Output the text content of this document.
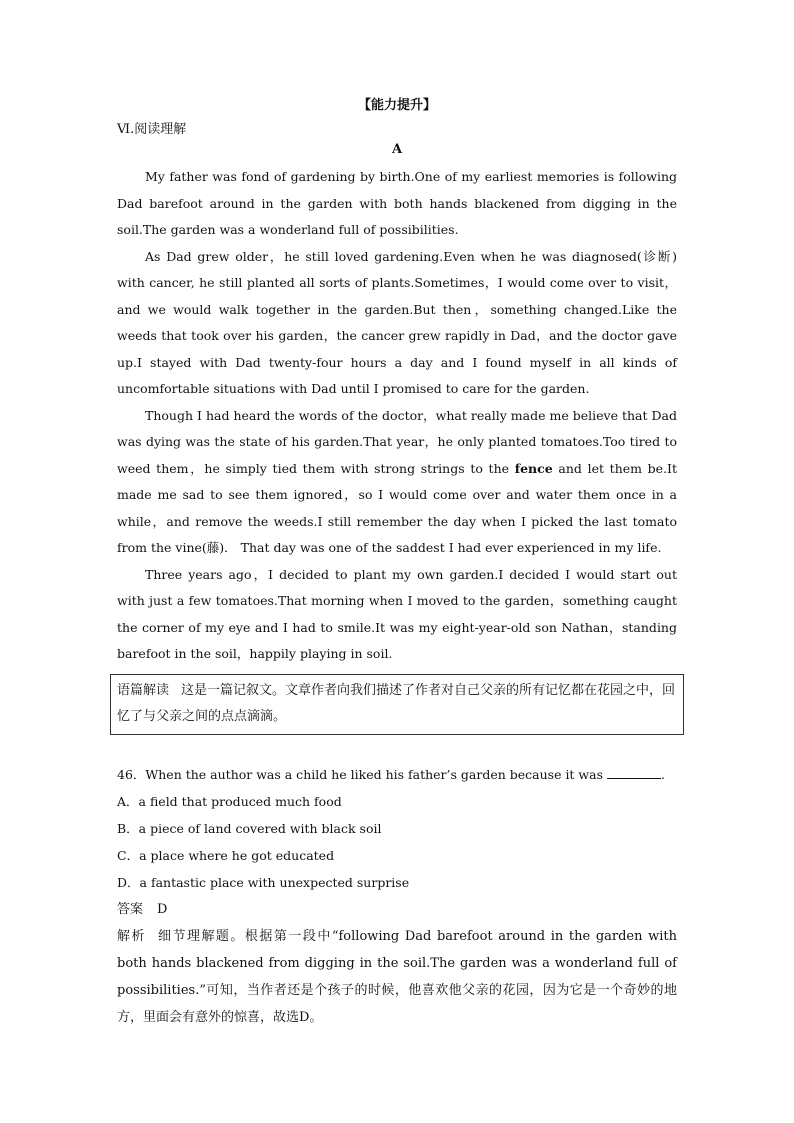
【能力提升】
Ⅵ.阅读理解
A

My father was fond of gardening by birth.One of my earliest memories is following Dad barefoot around in the garden with both hands blackened from digging in the soil.The garden was a wonderland full of possibilities.

As Dad grew older，he still loved gardening.Even when he was diagnosed(诊断) with cancer, he still planted all sorts of plants.Sometimes，I would come over to visit，and we would walk together in the garden.But then，something changed.Like the weeds that took over his garden，the cancer grew rapidly in Dad，and the doctor gave up.I stayed with Dad twenty-four hours a day and I found myself in all kinds of uncomfortable situations with Dad until I promised to care for the garden.

Though I had heard the words of the doctor，what really made me believe that Dad was dying was the state of his garden.That year，he only planted tomatoes.Too tired to weed them，he simply tied them with strong strings to the fence and let them be.It made me sad to see them ignored，so I would come over and water them once in a while，and remove the weeds.I still remember the day when I picked the last tomato from the vine(藤)． That day was one of the saddest I had ever experienced in my life.

Three years ago，I decided to plant my own garden.I decided I would start out with just a few tomatoes.That morning when I moved to the garden，something caught the corner of my eye and I had to smile.It was my eight-year-old son Nathan，standing barefoot in the soil，happily playing in soil.

语篇解读 这是一篇记叙文。文章作者向我们描述了作者对自己父亲的所有记忆都在花园之中，回忆了与父亲之间的点点滴滴。
46．When the author was a child he liked his father’s garden because it was	.
A．a field that produced much food
B．a piece of land covered with black soil
C．a place where he got educated
D．a fantastic place with unexpected surprise
答案 D
解析 细节理解题。根据第一段中“following Dad barefoot around in the garden with both hands blackened from digging in the soil.The garden was a wonderland full of possibilities.”可知，当作者还是个孩子的时候，他喜欢他父亲的花园，因为它是一个奇妙的地方，里面会有意外的惊喜，故选D。
